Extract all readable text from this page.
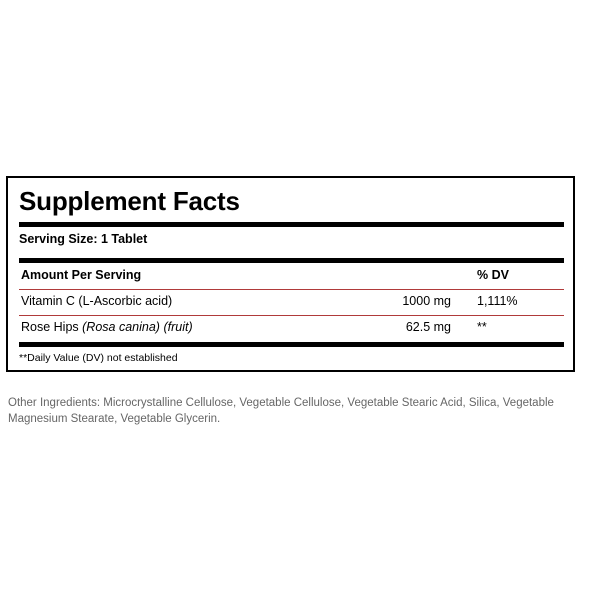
Supplement Facts
Serving Size: 1 Tablet
Amount Per Serving	% DV
Vitamin C (L-Ascorbic acid)	1000 mg 1,111%
Rose Hips (Rosa canina) (fruit)	62.5 mg **
**Daily Value (DV) not established
Other Ingredients: Microcrystalline Cellulose, Vegetable Cellulose, Vegetable Stearic Acid, Silica, Vegetable Magnesium Stearate, Vegetable Glycerin.
